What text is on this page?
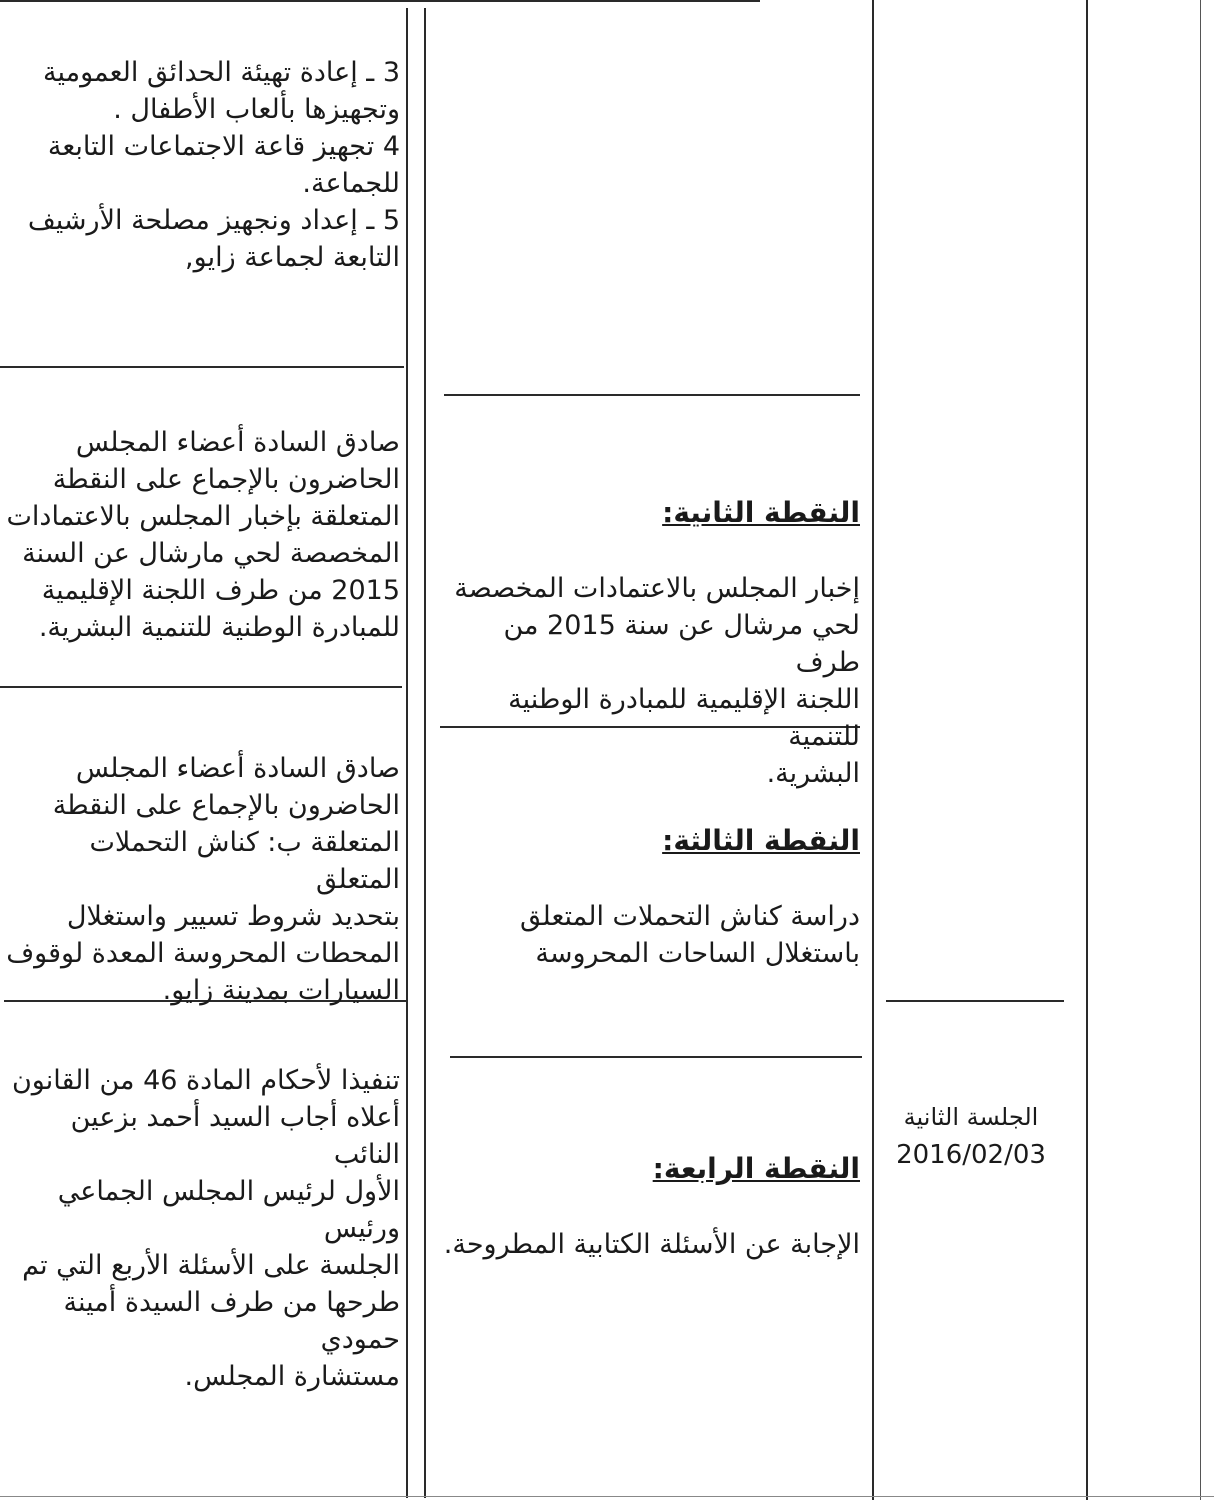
3 ـ إعادة تهيئة الحدائق العمومية
وتجهيزها بألعاب الأطفال .
4 تجهيز قاعة الاجتماعات التابعة
للجماعة.
5 ـ إعداد ونجهيز مصلحة الأرشيف
التابعة لجماعة زايو,

النقطة الثانية:

إخبار المجلس بالاعتمادات المخصصة
لحي مرشال عن سنة 2015 من طرف
اللجنة الإقليمية للمبادرة الوطنية للتنمية
البشرية.

صادق السادة أعضاء المجلس
الحاضرون بالإجماع على النقطة
المتعلقة بإخبار المجلس بالاعتمادات
المخصصة لحي مارشال عن السنة
2015 من طرف اللجنة الإقليمية
للمبادرة الوطنية للتنمية البشرية.

النقطة الثالثة:

دراسة كناش التحملات المتعلق
باستغلال الساحات المحروسة

صادق السادة أعضاء المجلس
الحاضرون بالإجماع على النقطة
المتعلقة ب: كناش التحملات المتعلق
بتحديد شروط تسيير واستغلال
المحطات المحروسة المعدة لوقوف
السيارات بمدينة زايو.

النقطة الرابعة:

الإجابة عن الأسئلة الكتابية المطروحة.

تنفيذا لأحكام المادة 46 من القانون
أعلاه أجاب السيد أحمد بزعين النائب
الأول لرئيس المجلس الجماعي ورئيس
الجلسة على الأسئلة الأربع التي تم
طرحها من طرف السيدة أمينة حمودي
مستشارة المجلس.
الجلسة الثانية
2016/02/03
